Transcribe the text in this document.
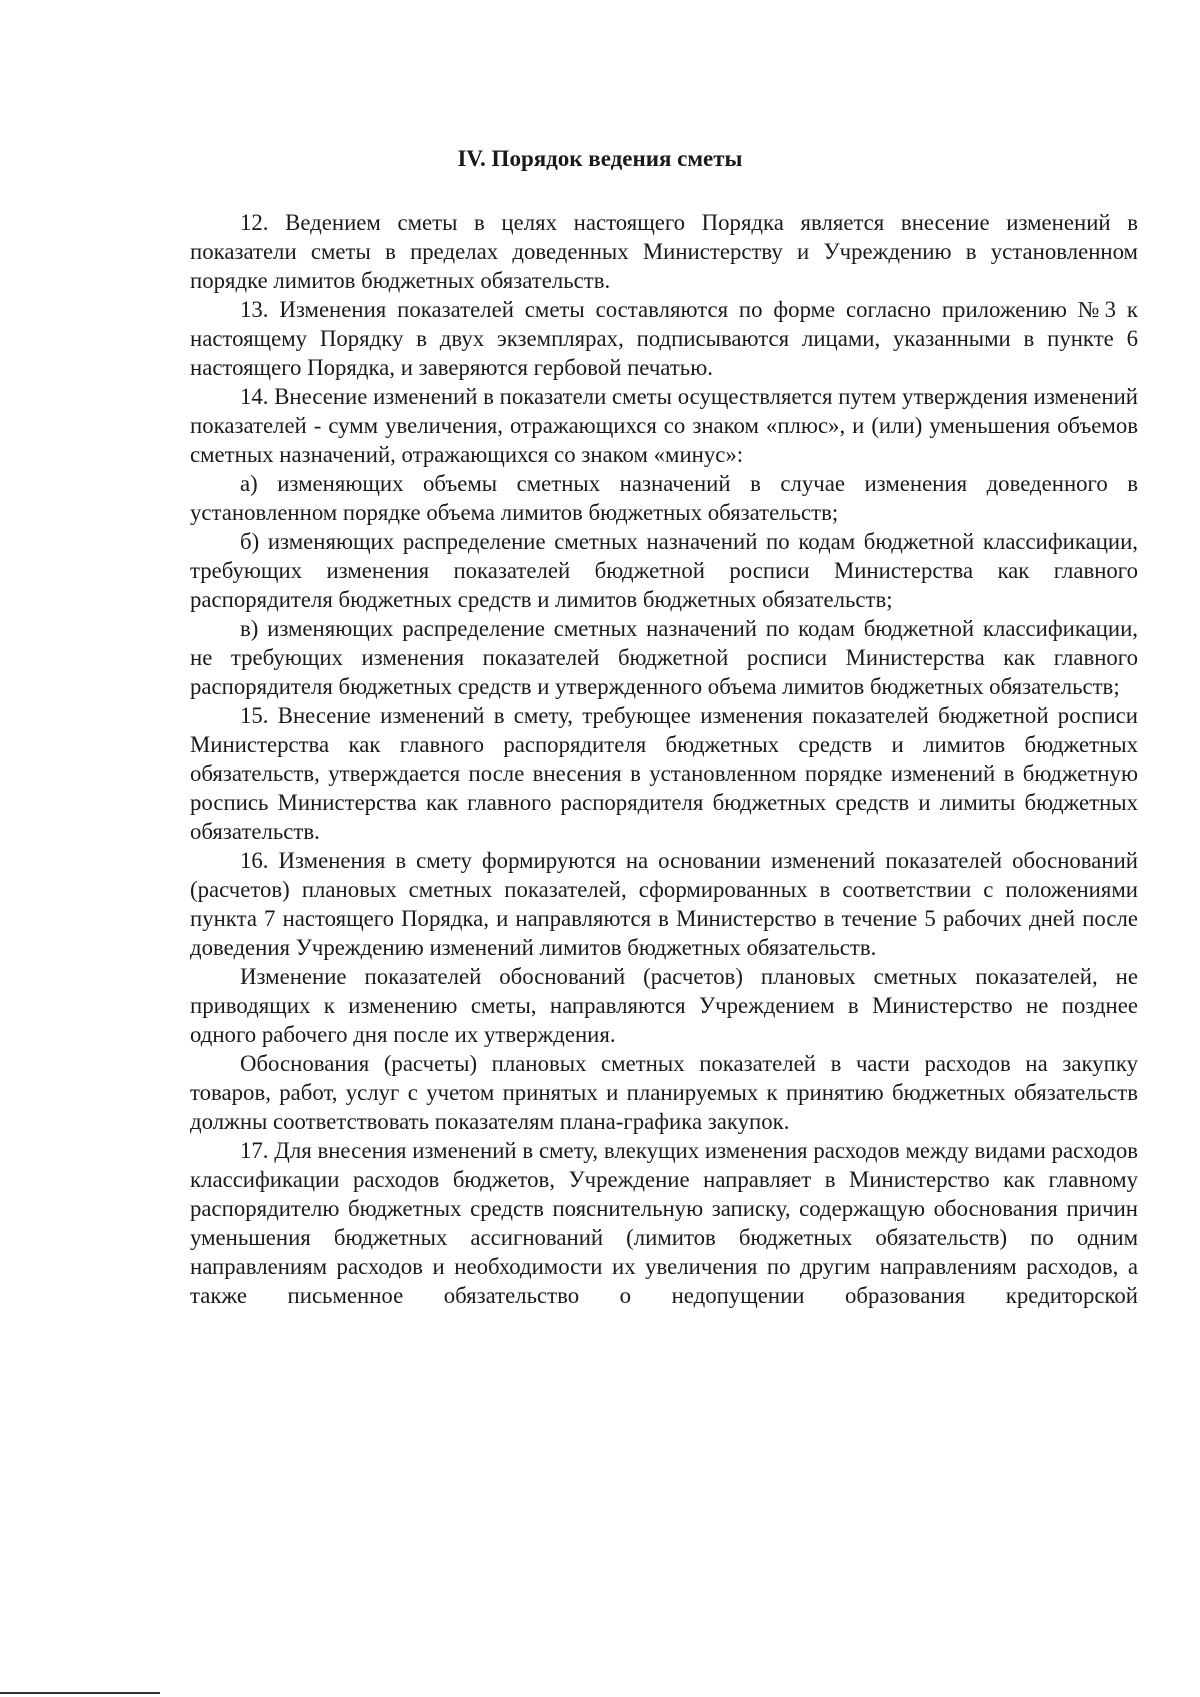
IV. Порядок ведения сметы

12. Ведением сметы в целях настоящего Порядка является внесение изменений в показатели сметы в пределах доведенных Министерству и Учреждению в установленном порядке лимитов бюджетных обязательств.

13. Изменения показателей сметы составляются по форме согласно приложению №3 к настоящему Порядку в двух экземплярах, подписываются лицами, указанными в пункте 6 настоящего Порядка, и заверяются гербовой печатью.

14. Внесение изменений в показатели сметы осуществляется путем утверждения изменений показателей - сумм увеличения, отражающихся со знаком «плюс», и (или) уменьшения объемов сметных назначений, отражающихся со знаком «минус»:

а) изменяющих объемы сметных назначений в случае изменения доведенного в установленном порядке объема лимитов бюджетных обязательств;

б) изменяющих распределение сметных назначений по кодам бюджетной классификации, требующих изменения показателей бюджетной росписи Министерства как главного распорядителя бюджетных средств и лимитов бюджетных обязательств;

в) изменяющих распределение сметных назначений по кодам бюджетной классификации, не требующих изменения показателей бюджетной росписи Министерства как главного распорядителя бюджетных средств и утвержденного объема лимитов бюджетных обязательств;

15. Внесение изменений в смету, требующее изменения показателей бюджетной росписи Министерства как главного распорядителя бюджетных средств и лимитов бюджетных обязательств, утверждается после внесения в установленном порядке изменений в бюджетную роспись Министерства как главного распорядителя бюджетных средств и лимиты бюджетных обязательств.

16. Изменения в смету формируются на основании изменений показателей обоснований (расчетов) плановых сметных показателей, сформированных в соответствии с положениями пункта 7 настоящего Порядка, и направляются в Министерство в течение 5 рабочих дней после доведения Учреждению изменений лимитов бюджетных обязательств.

Изменение показателей обоснований (расчетов) плановых сметных показателей, не приводящих к изменению сметы, направляются Учреждением в Министерство не позднее одного рабочего дня после их утверждения.

Обоснования (расчеты) плановых сметных показателей в части расходов на закупку товаров, работ, услуг с учетом принятых и планируемых к принятию бюджетных обязательств должны соответствовать показателям плана-графика закупок.

17. Для внесения изменений в смету, влекущих изменения расходов между видами расходов классификации расходов бюджетов, Учреждение направляет в Министерство как главному распорядителю бюджетных средств пояснительную записку, содержащую обоснования причин уменьшения бюджетных ассигнований (лимитов бюджетных обязательств) по одним направлениям расходов и необходимости их увеличения по другим направлениям расходов, а также письменное обязательство о недопущении образования кредиторской
